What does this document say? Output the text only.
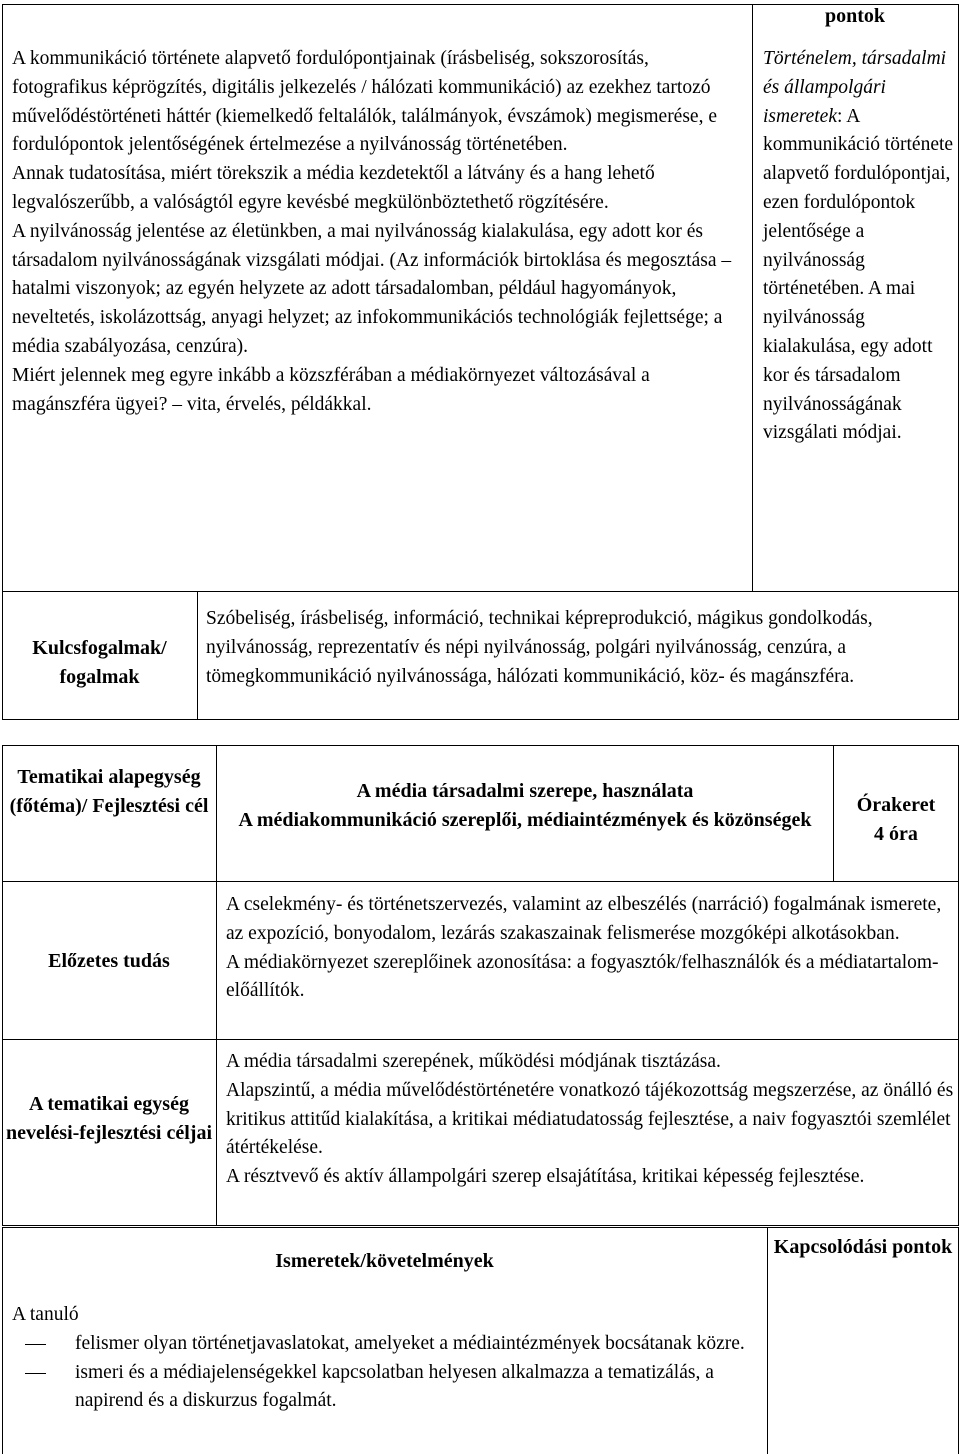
pontok
A kommunikáció története alapvető fordulópontjainak (írásbeliség, sokszorosítás, fotografikus képrögzítés, digitális jelkezelés / hálózati kommunikáció) az ezekhez tartozó művelődéstörténeti háttér (kiemelkedő feltalálók, találmányok, évszámok) megismerése, e fordulópontok jelentőségének értelmezése a nyilvánosság történetében.
Annak tudatosítása, miért törekszik a média kezdetektől a látvány és a hang lehető legvalószerűbb, a valóságtól egyre kevésbé megkülönböztethető rögzítésére.
A nyilvánosság jelentése az életünkben, a mai nyilvánosság kialakulása, egy adott kor és társadalom nyilvánosságának vizsgálati módjai. (Az információk birtoklása és megosztása – hatalmi viszonyok; az egyén helyzete az adott társadalomban, például hagyományok, neveltetés, iskolázottság, anyagi helyzet; az infokommunikációs technológiák fejlettsége; a média szabályozása, cenzúra).
Miért jelennek meg egyre inkább a közszférában a médiakörnyezet változásával a magánszféra ügyei? – vita, érvelés, példákkal.
Történelem, társadalmi és állampolgári ismeretek: A kommunikáció története alapvető fordulópontjai, ezen fordulópontok jelentősége a nyilvánosság történetében. A mai nyilvánosság kialakulása, egy adott kor és társadalom nyilvánosságának vizsgálati módjai.
Kulcsfogalmak/ fogalmak
Szóbeliség, írásbeliség, információ, technikai képreprodukció, mágikus gondolkodás, nyilvánosság, reprezentatív és népi nyilvánosság, polgári nyilvánosság, cenzúra, a tömegkommunikáció nyilvánossága, hálózati kommunikáció, köz- és magánszféra.
Tematikai alapegység (főtéma)/ Fejlesztési cél
A média társadalmi szerepe, használata
A médiakommunikáció szereplői, médiaintézmények és közönségek
Órakeret
4 óra
Előzetes tudás
A cselekmény- és történetszervezés, valamint az elbeszélés (narráció) fogalmának ismerete, az expozíció, bonyodalom, lezárás szakaszainak felismerése mozgóképi alkotásokban.
A médiakörnyezet szereplőinek azonosítása: a fogyasztók/felhasználók és a médiatartalom-előállítók.
A tematikai egység nevelési-fejlesztési céljai
A média társadalmi szerepének, működési módjának tisztázása.
Alapszintű, a média művelődéstörténetére vonatkozó tájékozottság megszerzése, az önálló és kritikus attitűd kialakítása, a kritikai médiatudatosság fejlesztése, a naiv fogyasztói szemlélet átértékelése.
A résztvevő és aktív állampolgári szerep elsajátítása, kritikai képesség fejlesztése.
Ismeretek/követelmények
Kapcsolódási pontok
A tanuló
felismer olyan történetjavaslatokat, amelyeket a médiaintézmények bocsátanak közre.
ismeri és a médiajelenségekkel kapcsolatban helyesen alkalmazza a tematizálás, a napirend és a diskurzus fogalmát.
